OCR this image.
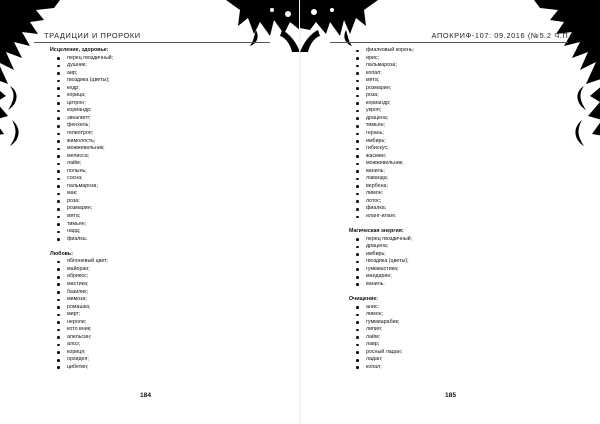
ТРАДИЦИИ И ПРОРОКИ
Исцеление, здоровье:
перец гвоздичный;
душник;
аир;
гвоздика (цветы);
кедр;
корица;
цитрон;
кориандр;
эвкалипт;
фенхель;
гелиотроп;
жимолость;
можжевельник;
мелисса;
лайм;
полынь;
сосна;
пальмароза;
мак;
роза;
розмарин;
мята;
тимьян;
нард;
фиалка.
Любовь:
яблоневый цвет;
майоран;
абрикос;
мастика;
базилик;
мимоза;
ромашка;
мирт;
нероли;
кото вник;
апельсин;
алоэ;
кориця;
орхидея;
цибетин;
184
АПОКРИФ-107: 09.2016 (№5.2 Ч.П.)
фиалковый корень;
ирис;
пальмароза;
копал;
мята;
розмарин;
роза;
кориандр;
укроп;
драцена;
тимьян;
герань;
имбирь;
гибискус;
жасмин;
можжевельник;
ваниль;
лаванда;
вербена;
лимон;
лотос;
фиалка;
иланг-иланг.
Магическая энергия:
перец гвоздичный;
драцена;
имбирь;
гвоздика (цветы);
гуммиастика;
мандарин;
ваниль.
Очищение:
анис;
лимон;
гуммиарабик;
липия;
лайм;
лавр;
росный ладан;
ладан;
копал;
185
